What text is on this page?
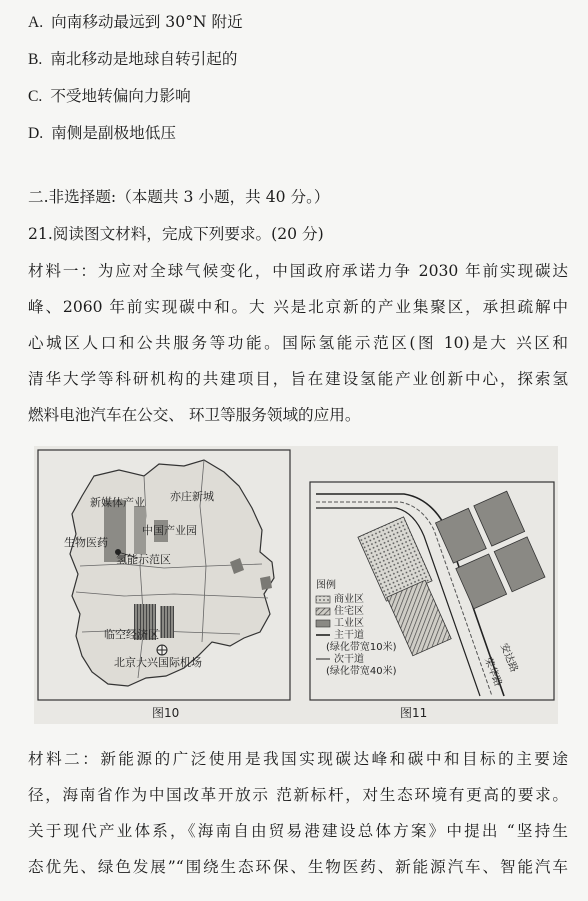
A. 向南移动最远到 30°N 附近
B. 南北移动是地球自转引起的
C. 不受地转偏向力影响
D. 南侧是副极地低压
二.非选择题:（本题共 3 小题，共 40 分。）
21.阅读图文材料，完成下列要求。(20 分)
材料一：为应对全球气候变化，中国政府承诺力争 2030 年前实现碳达
峰、2060 年前实现碳中和。大 兴是北京新的产业集聚区，承担疏解中
心城区人口和公共服务等功能。国际氢能示范区(图 10)是大 兴区和
清华大学等科研机构的共建项目，旨在建设氢能产业创新中心，探索氢
燃料电池汽车在公交、 环卫等服务领域的应用。
新媒体产业 亦庄新城
中国产业园
生物医药
氢能示范区
临空经济区
北京大兴国际机场
图10
图例
商业区
住宅区
工业区
主干道
(绿化带宽10米)
次干道
(绿化带宽40米)	安达路
荣华路
图11
材料二：新能源的广泛使用是我国实现碳达峰和碳中和目标的主要途
径，海南省作为中国改革开放示 范新标杆，对生态环境有更高的要求。
关于现代产业体系，《海南自由贸易港建设总体方案》中提出 “坚持生
态优先、绿色发展”“围绕生态环保、生物医药、新能源汽车、智能汽车
